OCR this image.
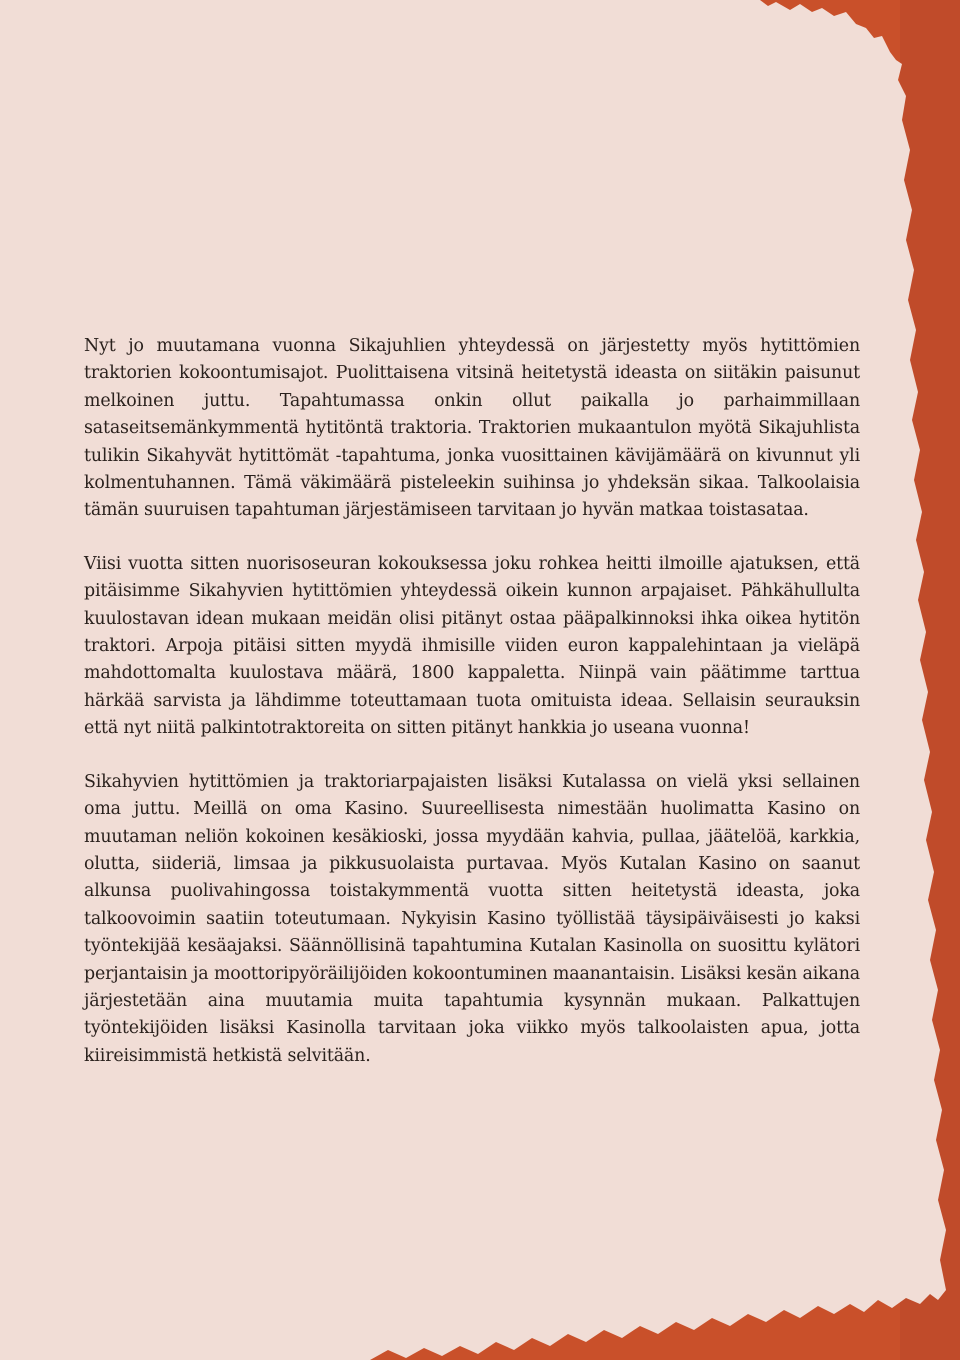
Nyt jo muutamana vuonna Sikajuhlien yhteydessä on järjestetty myös hytittömien traktorien kokoontumisajot. Puolittaisena vitsinä heitetystä ideasta on siitäkin paisunut melkoinen juttu. Tapahtumassa onkin ollut paikalla jo parhaimmillaan sataseitsemänkymmentä hytitöntä traktoria. Traktorien mukaantulon myötä Sikajuhlista tulikin Sikahyvät hytittömät -tapahtuma, jonka vuosittainen kävijämäärä on kivunnut yli kolmentuhannen. Tämä väkimäärä pisteleekin suihinsa jo yhdeksän sikaa. Talkoolaisia tämän suuruisen tapahtuman järjestämiseen tarvitaan jo hyvän matkaa toistasataa.

Viisi vuotta sitten nuorisoseuran kokouksessa joku rohkea heitti ilmoille ajatuksen, että pitäisimme Sikahyvien hytittömien yhteydessä oikein kunnon arpajaiset. Pähkähullulta kuulostavan idean mukaan meidän olisi pitänyt ostaa pääpalkinnoksi ihka oikea hytitön traktori. Arpoja pitäisi sitten myydä ihmisille viiden euron kappalehintaan ja vieläpä mahdottomalta kuulostava määrä, 1800 kappaletta. Niinpä vain päätimme tarttua härkää sarvista ja lähdimme toteuttamaan tuota omituista ideaa. Sellaisin seurauksin että nyt niitä palkintotraktoreita on sitten pitänyt hankkia jo useana vuonna!

Sikahyvien hytittömien ja traktoriarpajaisten lisäksi Kutalassa on vielä yksi sellainen oma juttu. Meillä on oma Kasino. Suureellisesta nimestään huolimatta Kasino on muutaman neliön kokoinen kesäkioski, jossa myydään kahvia, pullaa, jäätelöä, karkkia, olutta, siideriä, limsaa ja pikkusuolaista purtavaa. Myös Kutalan Kasino on saanut alkunsa puolivahingossa toistakymmentä vuotta sitten heitetystä ideasta, joka talkoovoimin saatiin toteutumaan. Nykyisin Kasino työllistää täysipäiväisesti jo kaksi työntekijää kesäajaksi. Säännöllisinä tapahtumina Kutalan Kasinolla on suosittu kylätori perjantaisin ja moottoripyöräilijöiden kokoontuminen maanantaisin. Lisäksi kesän aikana järjestetään aina muutamia muita tapahtumia kysynnän mukaan. Palkattujen työntekijöiden lisäksi Kasinolla tarvitaan joka viikko myös talkoolaisten apua, jotta kiireisimmistä hetkistä selvitään.
